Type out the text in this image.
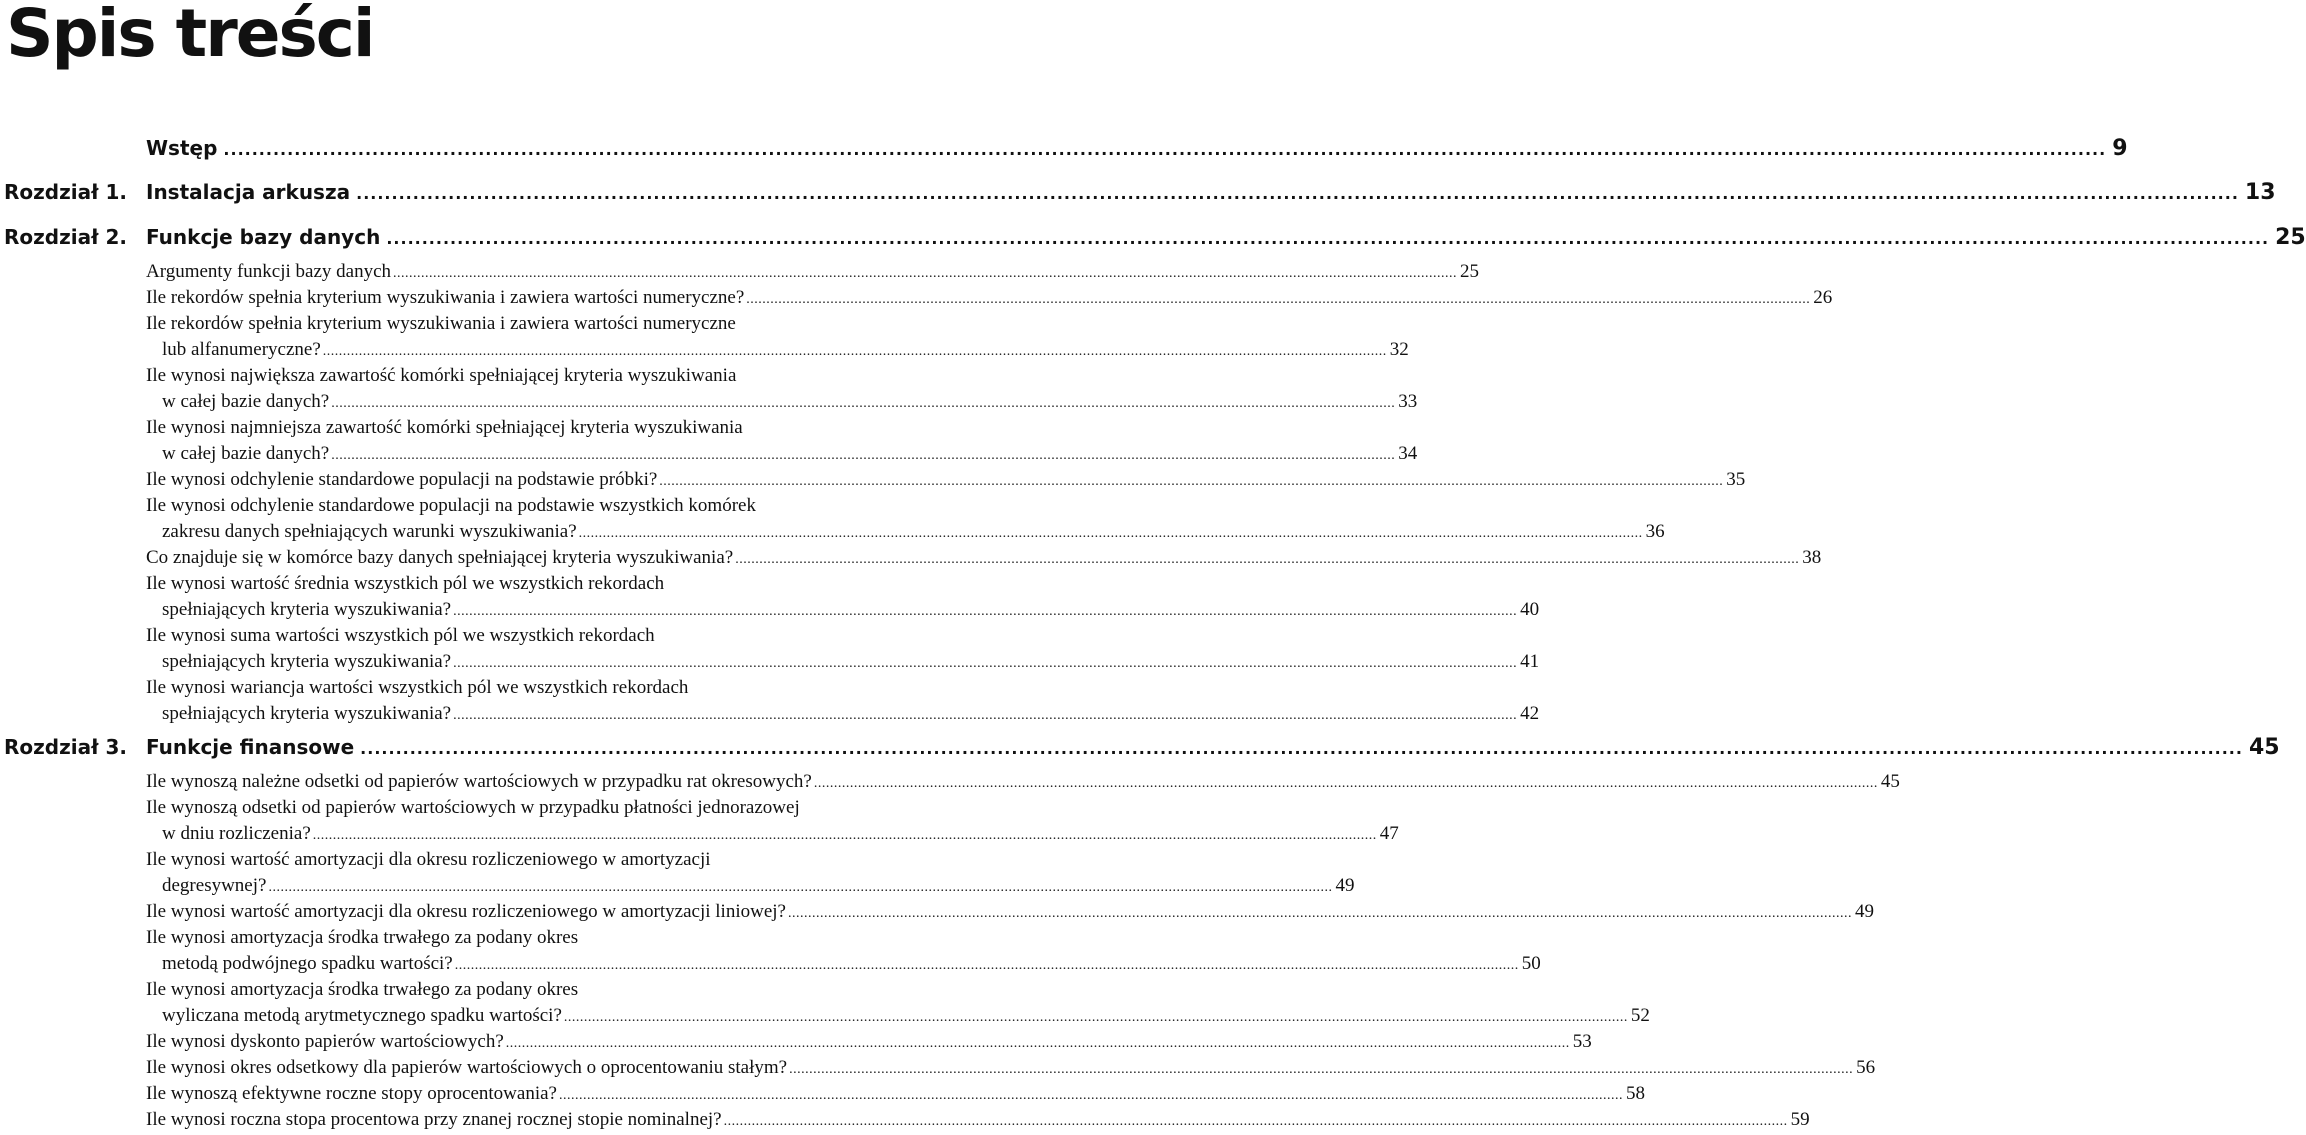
Spis treści
Wstęp .......................................................................................................................................................................................................................................................................... 9
Rozdział 1. Instalacja arkusza .......................................................................................................................................................................................................................................................................... 13
Rozdział 2. Funkcje bazy danych .......................................................................................................................................................................................................................................................................... 25
Argumenty funkcji bazy danych .......................................................................................................................................................................................................................................................................... 25
Ile rekordów spełnia kryterium wyszukiwania i zawiera wartości numeryczne? .......................................................................................................................................................................................................................................................................... 26
Ile rekordów spełnia kryterium wyszukiwania i zawiera wartości numeryczne
lub alfanumeryczne? .......................................................................................................................................................................................................................................................................... 32
Ile wynosi największa zawartość komórki spełniającej kryteria wyszukiwania
w całej bazie danych? .......................................................................................................................................................................................................................................................................... 33
Ile wynosi najmniejsza zawartość komórki spełniającej kryteria wyszukiwania
w całej bazie danych? .......................................................................................................................................................................................................................................................................... 34
Ile wynosi odchylenie standardowe populacji na podstawie próbki? .......................................................................................................................................................................................................................................................................... 35
Ile wynosi odchylenie standardowe populacji na podstawie wszystkich komórek
zakresu danych spełniających warunki wyszukiwania? .......................................................................................................................................................................................................................................................................... 36
Co znajduje się w komórce bazy danych spełniającej kryteria wyszukiwania? .......................................................................................................................................................................................................................................................................... 38
Ile wynosi wartość średnia wszystkich pól we wszystkich rekordach
spełniających kryteria wyszukiwania? .......................................................................................................................................................................................................................................................................... 40
Ile wynosi suma wartości wszystkich pól we wszystkich rekordach
spełniających kryteria wyszukiwania? .......................................................................................................................................................................................................................................................................... 41
Ile wynosi wariancja wartości wszystkich pól we wszystkich rekordach
spełniających kryteria wyszukiwania? .......................................................................................................................................................................................................................................................................... 42
Rozdział 3. Funkcje finansowe .......................................................................................................................................................................................................................................................................... 45
Ile wynoszą należne odsetki od papierów wartościowych w przypadku rat okresowych? .......................................................................................................................................................................................................................................................................... 45
Ile wynoszą odsetki od papierów wartościowych w przypadku płatności jednorazowej
w dniu rozliczenia? .......................................................................................................................................................................................................................................................................... 47
Ile wynosi wartość amortyzacji dla okresu rozliczeniowego w amortyzacji
degresywnej? .......................................................................................................................................................................................................................................................................... 49
Ile wynosi wartość amortyzacji dla okresu rozliczeniowego w amortyzacji liniowej? .......................................................................................................................................................................................................................................................................... 49
Ile wynosi amortyzacja środka trwałego za podany okres
metodą podwójnego spadku wartości? .......................................................................................................................................................................................................................................................................... 50
Ile wynosi amortyzacja środka trwałego za podany okres
wyliczana metodą arytmetycznego spadku wartości? .......................................................................................................................................................................................................................................................................... 52
Ile wynosi dyskonto papierów wartościowych? .......................................................................................................................................................................................................................................................................... 53
Ile wynosi okres odsetkowy dla papierów wartościowych o oprocentowaniu stałym? .......................................................................................................................................................................................................................................................................... 56
Ile wynoszą efektywne roczne stopy oprocentowania? .......................................................................................................................................................................................................................................................................... 58
Ile wynosi roczna stopa procentowa przy znanej rocznej stopie nominalnej? .......................................................................................................................................................................................................................................................................... 59
